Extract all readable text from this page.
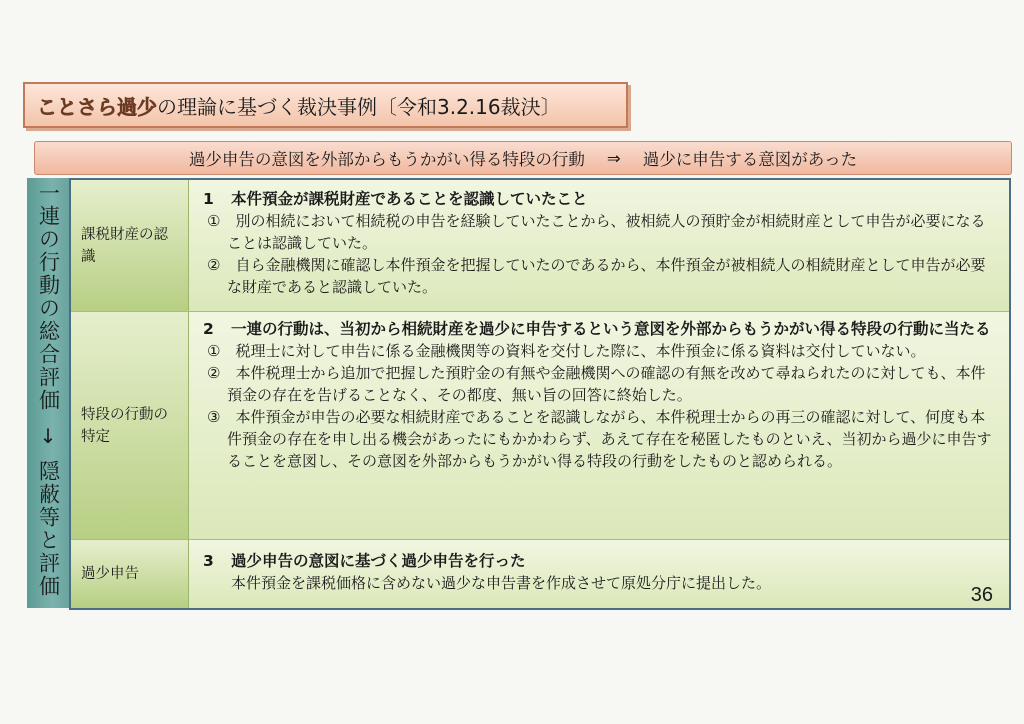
ことさら過少 の理論に基づく裁決事例〔令和3.2.16裁決〕
過少申告の意図を外部からもうかがい得る特段の行動 ⇒ 過少に申告する意図があった
一連の行動の総合評価
↓
隠蔽等と評価
課税財産の認識
1 本件預金が課税財産であることを認識していたこと
①　別の相続において相続税の申告を経験していたことから、被相続人の預貯金が相続財産として申告が必要になることは認識していた。
②　自ら金融機関に確認し本件預金を把握していたのであるから、本件預金が被相続人の相続財産として申告が必要な財産であると認識していた。
特段の行動の特定
2 一連の行動は、当初から相続財産を過少に申告するという意図を外部からもうかがい得る特段の行動に当たる
①　税理士に対して申告に係る金融機関等の資料を交付した際に、本件預金に係る資料は交付していない。
②　本件税理士から追加で把握した預貯金の有無や金融機関への確認の有無を改めて尋ねられたのに対しても、本件預金の存在を告げることなく、その都度、無い旨の回答に終始した。
③　本件預金が申告の必要な相続財産であることを認識しながら、本件税理士からの再三の確認に対して、何度も本件預金の存在を申し出る機会があったにもかかわらず、あえて存在を秘匿したものといえ、当初から過少に申告することを意図し、その意図を外部からもうかがい得る特段の行動をしたものと認められる。
過少申告
3 過少申告の意図に基づく過少申告を行った
本件預金を課税価格に含めない過少な申告書を作成させて原処分庁に提出した。
36
